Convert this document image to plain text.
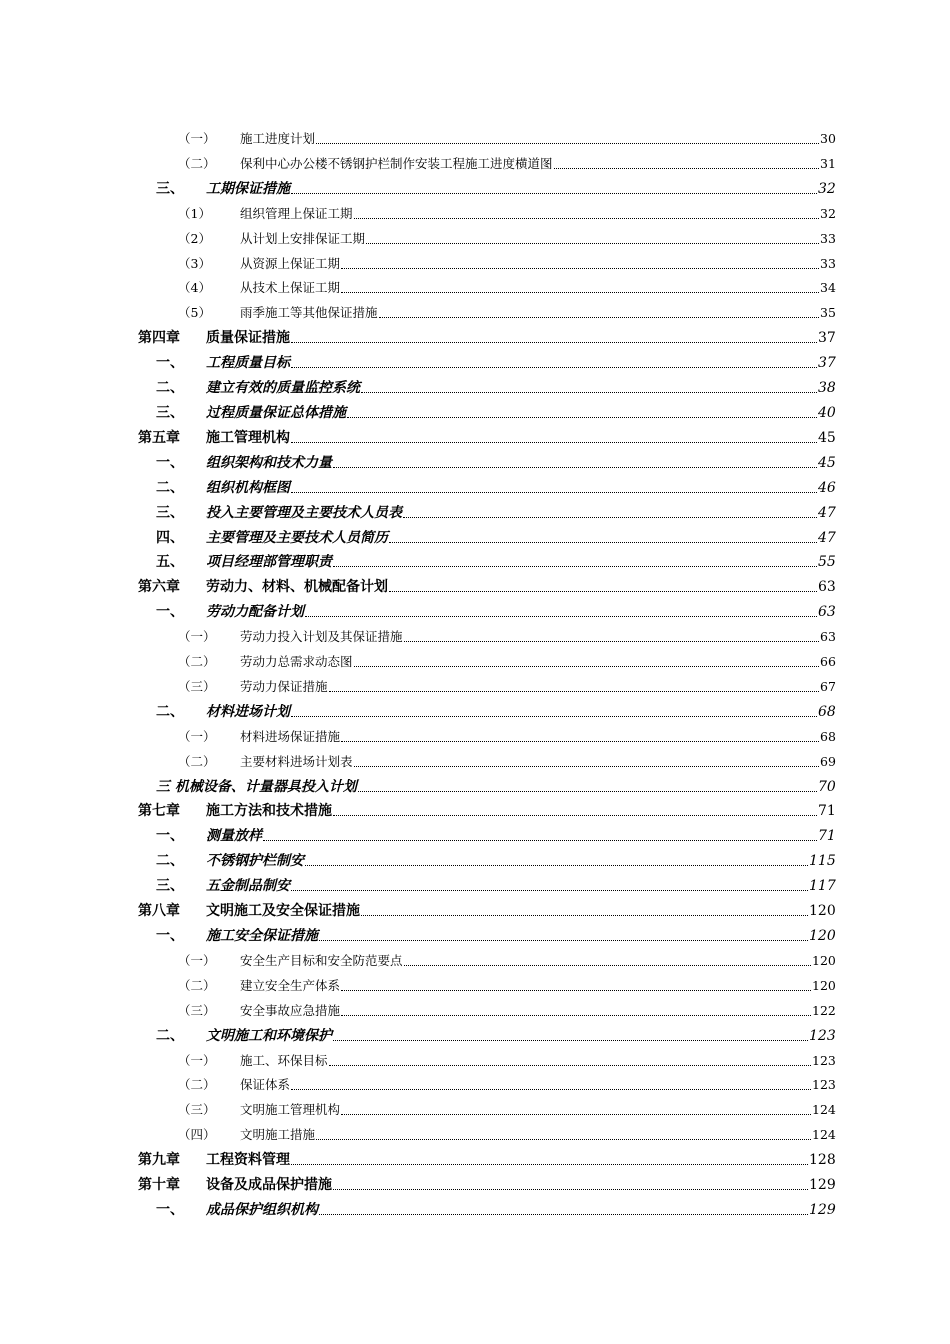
（一） 施工进度计划	30
（二） 保利中心办公楼不锈钢护栏制作安装工程施工进度横道图	31
三、 工期保证措施	32
（1） 组织管理上保证工期	32
（2） 从计划上安排保证工期	33
（3） 从资源上保证工期	33
（4） 从技术上保证工期	34
（5） 雨季施工等其他保证措施	35
第四章 质量保证措施	37
一、 工程质量目标	37
二、 建立有效的质量监控系统	38
三、 过程质量保证总体措施	40
第五章 施工管理机构	45
一、 组织架构和技术力量	45
二、 组织机构框图	46
三、 投入主要管理及主要技术人员表	47
四、 主要管理及主要技术人员简历	47
五、 项目经理部管理职责	55
第六章 劳动力、材料、机械配备计划	63
一、 劳动力配备计划	63
（一） 劳动力投入计划及其保证措施	63
（二） 劳动力总需求动态图	66
（三） 劳动力保证措施	67
二、 材料进场计划	68
（一） 材料进场保证措施	68
（二） 主要材料进场计划表	69
三 机械设备、计量器具投入计划	70
第七章 施工方法和技术措施	71
一、 测量放样	71
二、 不锈钢护栏制安	115
三、 五金制品制安	117
第八章 文明施工及安全保证措施	120
一、 施工安全保证措施	120
（一） 安全生产目标和安全防范要点	120
（二） 建立安全生产体系	120
（三） 安全事故应急措施	122
二、 文明施工和环境保护	123
（一） 施工、环保目标	123
（二） 保证体系	123
（三） 文明施工管理机构	124
（四） 文明施工措施	124
第九章 工程资料管理	128
第十章 设备及成品保护措施	129
一、 成品保护组织机构	129
